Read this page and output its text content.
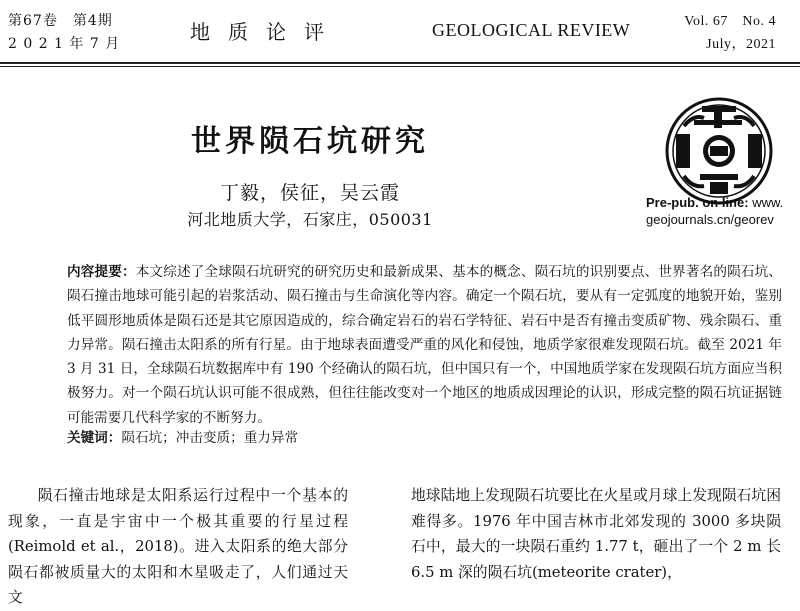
第67卷　第4期
2 0 2 1 年 7 月	地质论评	GEOLOGICAL REVIEW	Vol. 67　No. 4
July，2021
世界陨石坑研究
丁毅，侯征，吴云霞
河北地质大学，石家庄，050031
Pre-pub. on line: www.
geojournals.cn/georev
内容提要：本文综述了全球陨石坑研究的研究历史和最新成果、基本的概念、陨石坑的识别要点、世界著名的陨石坑、陨石撞击地球可能引起的岩浆活动、陨石撞击与生命演化等内容。确定一个陨石坑，要从有一定弧度的地貌开始，鉴别低平圆形地质体是陨石还是其它原因造成的，综合确定岩石的岩石学特征、岩石中是否有撞击变质矿物、残余陨石、重力异常。陨石撞击太阳系的所有行星。由于地球表面遭受严重的风化和侵蚀，地质学家很难发现陨石坑。截至 2021 年 3 月 31 日，全球陨石坑数据库中有 190 个经确认的陨石坑，但中国只有一个，中国地质学家在发现陨石坑方面应当积极努力。对一个陨石坑认识可能不很成熟，但往往能改变对一个地区的地质成因理论的认识，形成完整的陨石坑证据链可能需要几代科学家的不断努力。
关键词：陨石坑；冲击变质；重力异常
陨石撞击地球是太阳系运行过程中一个基本的现象，一直是宇宙中一个极其重要的行星过程(Reimold et al.，2018)。进入太阳系的绝大部分陨石都被质量大的太阳和木星吸走了，人们通过天文
地球陆地上发现陨石坑要比在火星或月球上发现陨石坑困难得多。1976 年中国吉林市北郊发现的 3000 多块陨石中，最大的一块陨石重约 1.77 t，砸出了一个 2 m 长 6.5 m 深的陨石坑(meteorite crater)，
